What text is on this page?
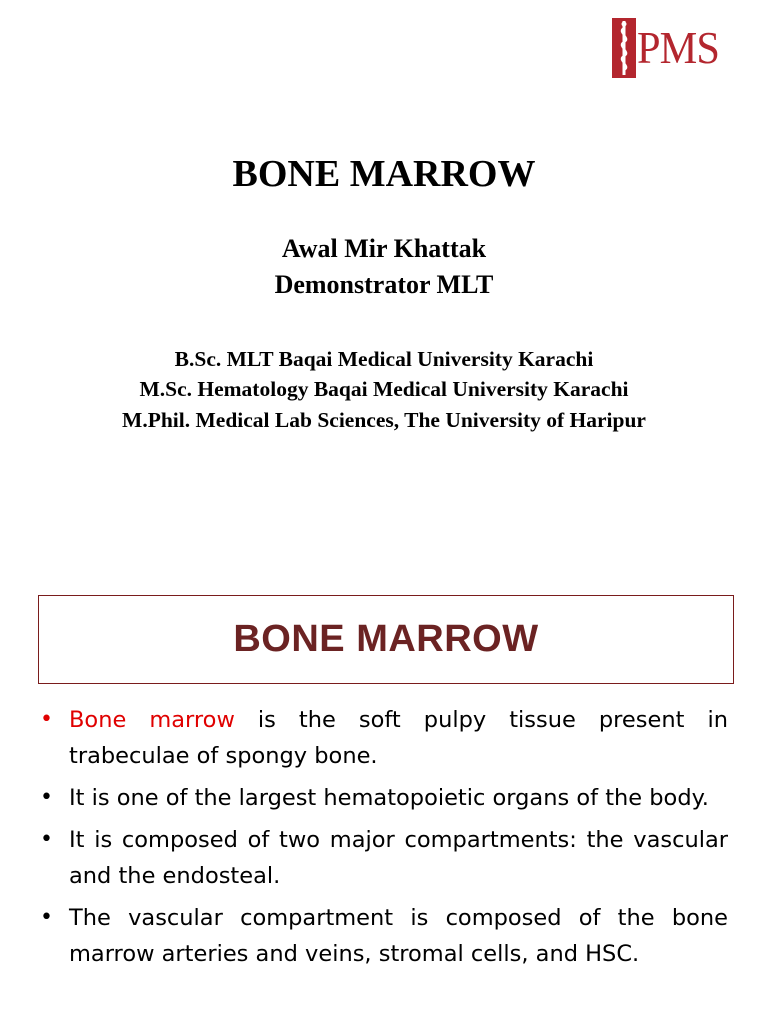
PMS
BONE MARROW
Awal Mir Khattak
Demonstrator MLT
B.Sc. MLT Baqai Medical University Karachi
M.Sc. Hematology Baqai Medical University Karachi
M.Phil. Medical Lab Sciences, The University of Haripur
BONE MARROW
• Bone marrow is the soft pulpy tissue present in trabeculae of spongy bone.
• It is one of the largest hematopoietic organs of the body.
• It is composed of two major compartments: the vascular and the endosteal.
• The vascular compartment is composed of the bone marrow arteries and veins, stromal cells, and HSC.
